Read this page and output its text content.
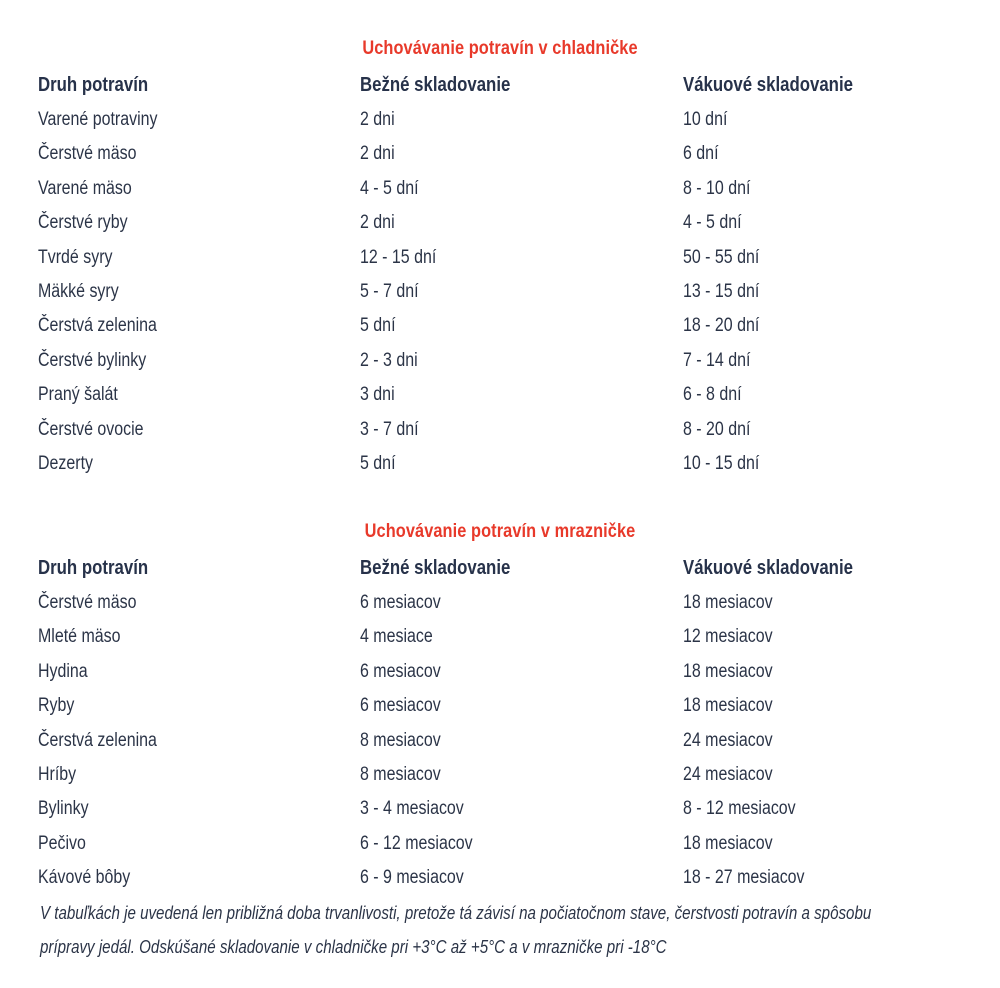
Uchovávanie potravín v chladničke
Druh potravín	Bežné skladovanie	Vákuové skladovanie
Varené potraviny	2 dni	10 dní
Čerstvé mäso	2 dni	6 dní
Varené mäso	4 - 5 dní	8 - 10 dní
Čerstvé ryby	2 dni	4 - 5 dní
Tvrdé syry	12 - 15 dní	50 - 55 dní
Mäkké syry	5 - 7 dní	13 - 15 dní
Čerstvá zelenina	5 dní	18 - 20 dní
Čerstvé bylinky	2 - 3 dni	7 - 14 dní
Praný šalát	3 dni	6 - 8 dní
Čerstvé ovocie	3 - 7 dní	8 - 20 dní
Dezerty	5 dní	10 - 15 dní
Uchovávanie potravín v mrazničke
Druh potravín	Bežné skladovanie	Vákuové skladovanie
Čerstvé mäso	6 mesiacov	18 mesiacov
Mleté mäso	4 mesiace	12 mesiacov
Hydina	6 mesiacov	18 mesiacov
Ryby	6 mesiacov	18 mesiacov
Čerstvá zelenina	8 mesiacov	24 mesiacov
Hríby	8 mesiacov	24 mesiacov
Bylinky	3 - 4 mesiacov	8 - 12 mesiacov
Pečivo	6 - 12 mesiacov	18 mesiacov
Kávové bôby	6 - 9 mesiacov	18 - 27 mesiacov
V tabuľkách je uvedená len približná doba trvanlivosti, pretože tá závisí na počiatočnom stave, čerstvosti potravín a spôsobu
prípravy jedál. Odskúšané skladovanie v chladničke pri +3°C až +5°C a v mrazničke pri -18°C
